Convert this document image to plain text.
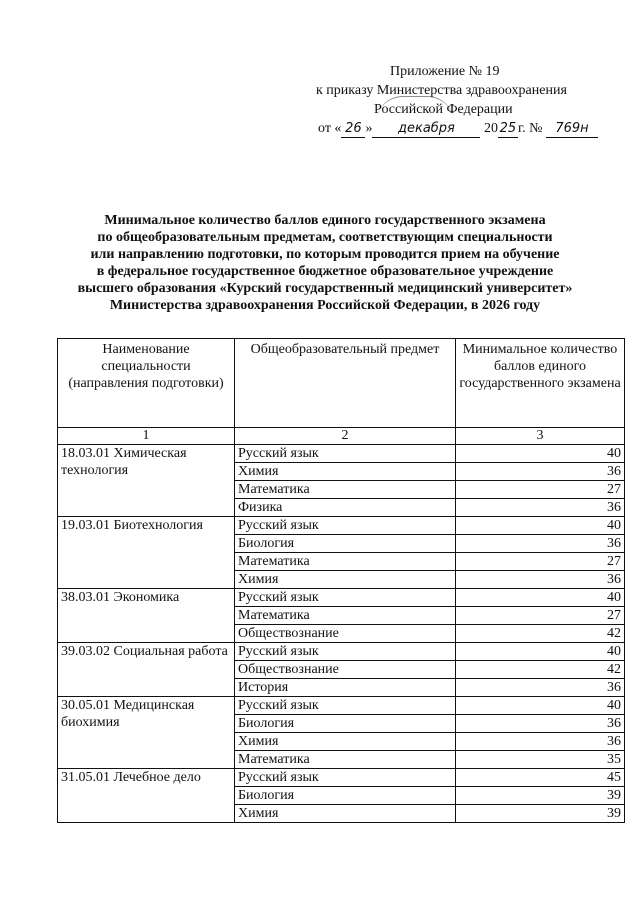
Приложение № 19
к приказу Министерства здравоохранения
Российской Федерации
от « 26 » декабря 20 25 г. № 769н
Минимальное количество баллов единого государственного экзамена
по общеобразовательным предметам, соответствующим специальности
или направлению подготовки, по которым проводится прием на обучение
в федеральное государственное бюджетное образовательное учреждение
высшего образования «Курский государственный медицинский университет»
Министерства здравоохранения Российской Федерации, в 2026 году
Наименование специальности (направления подготовки)	Общеобразовательный предмет	Минимальное количество баллов единого государственного экзамена
1	2	3
18.03.01 Химическая технология	Русский язык	40
	Химия	36
	Математика	27
	Физика	36
19.03.01 Биотехнология	Русский язык	40
	Биология	36
	Математика	27
	Химия	36
38.03.01 Экономика	Русский язык	40
	Математика	27
	Обществознание	42
39.03.02 Социальная работа	Русский язык	40
	Обществознание	42
	История	36
30.05.01 Медицинская биохимия	Русский язык	40
	Биология	36
	Химия	36
	Математика	35
31.05.01 Лечебное дело	Русский язык	45
	Биология	39
	Химия	39
